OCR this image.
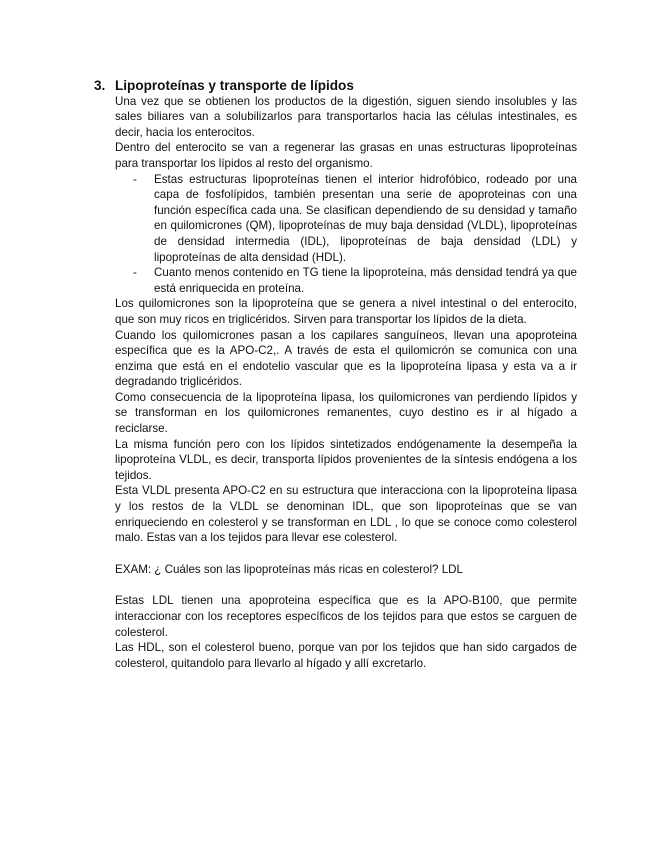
3. Lipoproteínas y transporte de lípidos

Una vez que se obtienen los productos de la digestión, siguen siendo insolubles y las sales biliares van a solubilizarlos para transportarlos hacia las células intestinales, es decir, hacia los enterocitos.

Dentro del enterocito se van a regenerar las grasas en unas estructuras lipoproteínas para transportar los lípidos al resto del organismo.

- Estas estructuras lipoproteínas tienen el interior hidrofóbico, rodeado por una capa de fosfolípidos, también presentan una serie de apoproteinas con una función específica cada una. Se clasifican dependiendo de su densidad y tamaño en quilomicrones (QM), lipoproteínas de muy baja densidad (VLDL), lipoproteínas de densidad intermedia (IDL), lipoproteínas de baja densidad (LDL) y lipoproteínas de alta densidad (HDL).
- Cuanto menos contenido en TG tiene la lipoproteína, más densidad tendrá ya que está enriquecida en proteína.

Los quilomicrones son la lipoproteína que se genera a nivel intestinal o del enterocito, que son muy ricos en triglicéridos. Sirven para transportar los lípidos de la dieta.

Cuando los quilomicrones pasan a los capilares sanguíneos, llevan una apoproteina específica que es la APO-C2,. A través de esta el quilomicrón se comunica con una enzima que está en el endotelio vascular que es la lipoproteína lipasa y esta va a ir degradando triglicéridos.

Como consecuencia de la lipoproteína lipasa, los quilomicrones van perdiendo lípidos y se transforman en los quilomicrones remanentes, cuyo destino es ir al hígado a reciclarse.

La misma función pero con los lípidos sintetizados endógenamente la desempeña la lipoproteína VLDL, es decir, transporta lípidos provenientes de la síntesis endógena a los tejidos.

Esta VLDL presenta APO-C2 en su estructura que interacciona con la lipoproteína lipasa y los restos de la VLDL se denominan IDL, que son lipoproteínas que se van enriqueciendo en colesterol y se transforman en LDL , lo que se conoce como colesterol malo. Estas van a los tejidos para llevar ese colesterol.

EXAM: ¿ Cuáles son las lipoproteínas más ricas en colesterol? LDL

Estas LDL tienen una apoproteina específica que es la APO-B100, que permite interaccionar con los receptores específicos de los tejidos para que estos se carguen de colesterol.

Las HDL, son el colesterol bueno, porque van por los tejidos que han sido cargados de colesterol, quitandolo para llevarlo al hígado y allí excretarlo.
